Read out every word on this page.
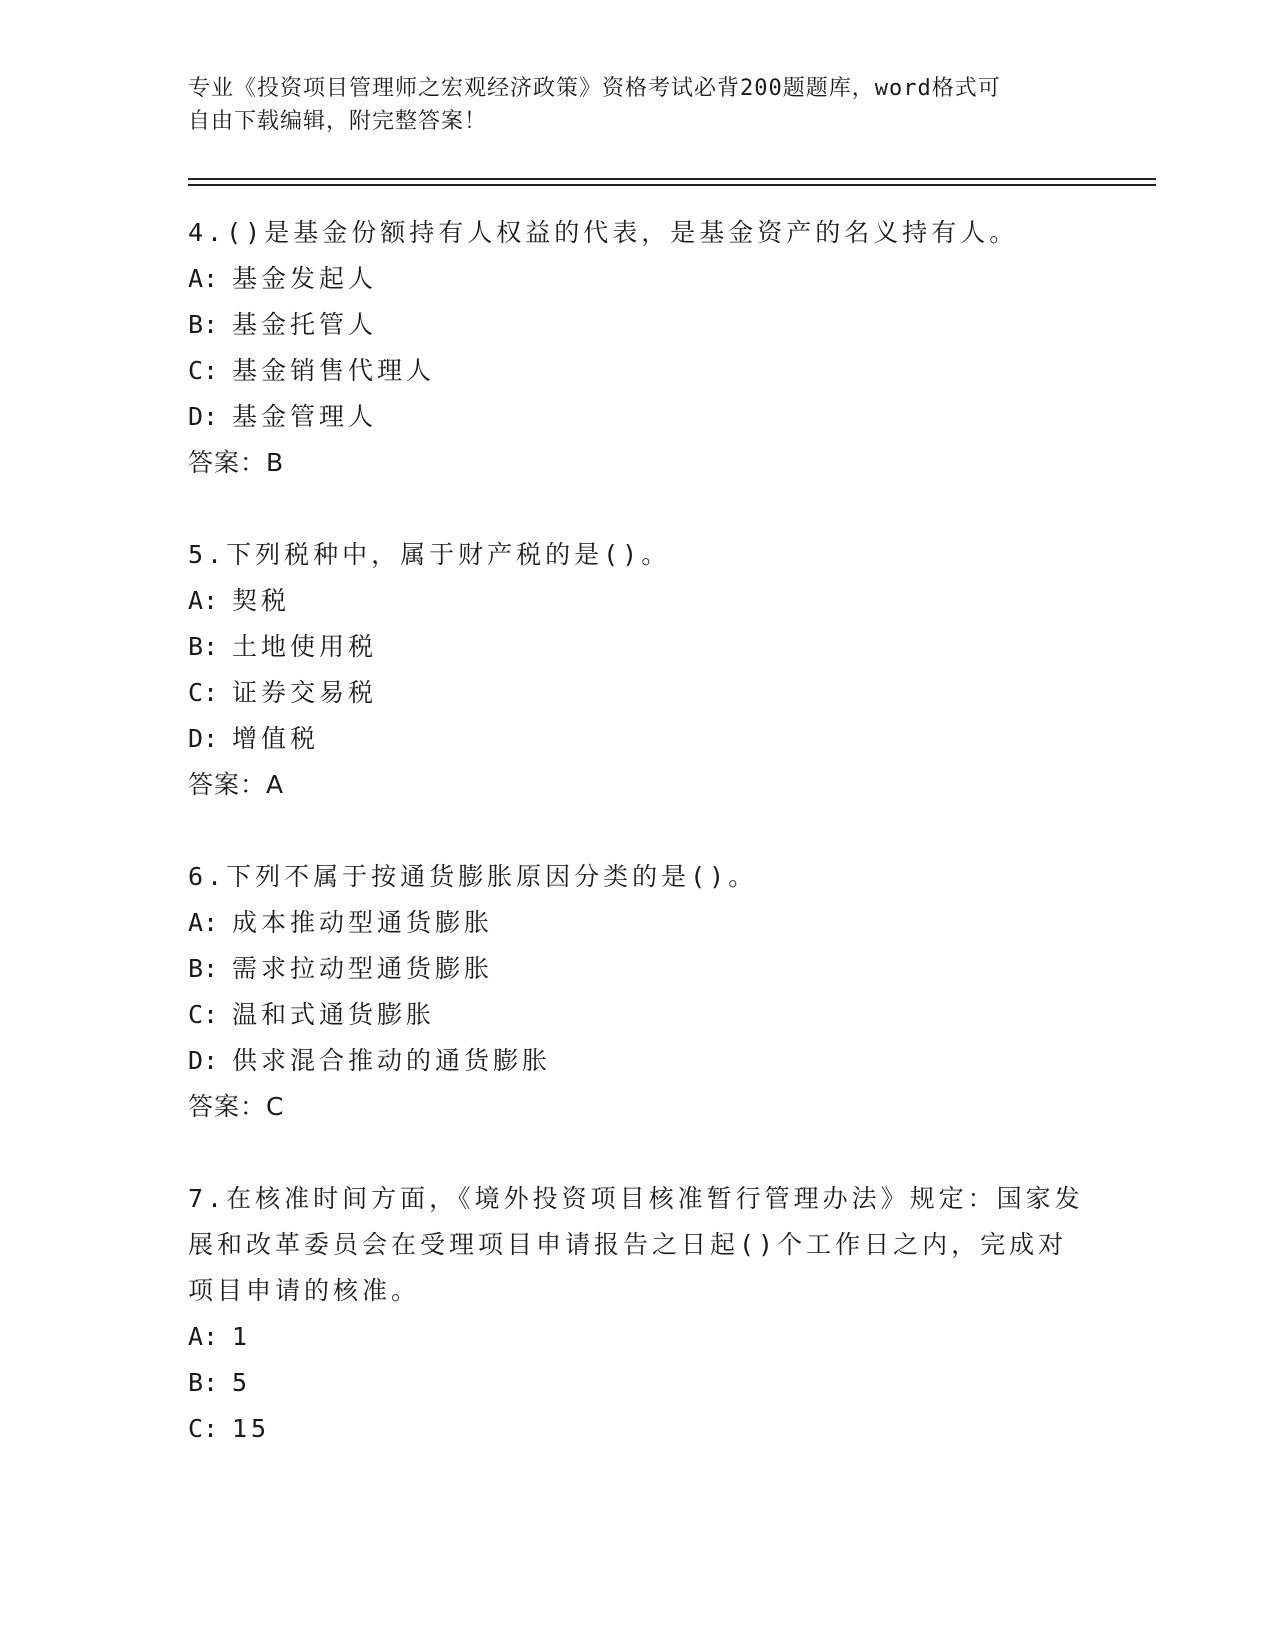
专业《投资项目管理师之宏观经济政策》资格考试必背200题题库，word格式可
自由下载编辑，附完整答案！
4.()是基金份额持有人权益的代表，是基金资产的名义持有人。
A: 基金发起人
B: 基金托管人
C: 基金销售代理人
D: 基金管理人
答案：B
5.下列税种中，属于财产税的是()。
A: 契税
B: 土地使用税
C: 证券交易税
D: 增值税
答案：A
6.下列不属于按通货膨胀原因分类的是()。
A: 成本推动型通货膨胀
B: 需求拉动型通货膨胀
C: 温和式通货膨胀
D: 供求混合推动的通货膨胀
答案：C
7.在核准时间方面，《境外投资项目核准暂行管理办法》规定：国家发展和改革委员会在受理项目申请报告之日起()个工作日之内，完成对项目申请的核准。
A: 1
B: 5
C: 15
